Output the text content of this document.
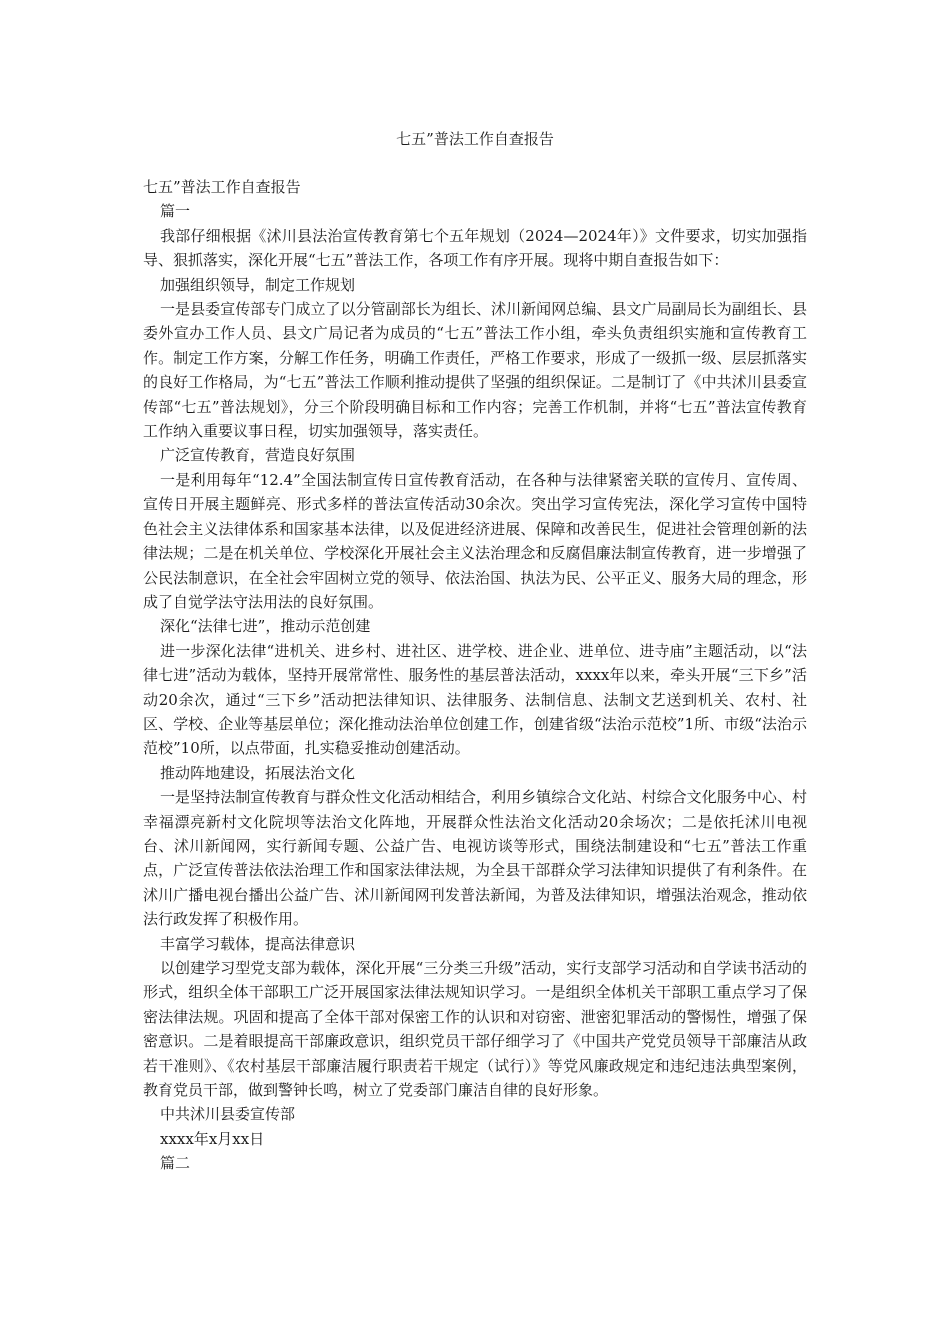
七五”普法工作自查报告

七五”普法工作自查报告

篇一

我部仔细根据《沭川县法治宣传教育第七个五年规划（2024—2024年）》文件要求，切实加强指导、狠抓落实，深化开展“七五”普法工作，各项工作有序开展。现将中期自查报告如下：

加强组织领导，制定工作规划

一是县委宣传部专门成立了以分管副部长为组长、沭川新闻网总编、县文广局副局长为副组长、县委外宣办工作人员、县文广局记者为成员的“七五”普法工作小组，牵头负责组织实施和宣传教育工作。制定工作方案，分解工作任务，明确工作责任，严格工作要求，形成了一级抓一级、层层抓落实的良好工作格局，为“七五”普法工作顺利推动提供了坚强的组织保证。二是制订了《中共沭川县委宣传部“七五”普法规划》，分三个阶段明确目标和工作内容；完善工作机制，并将“七五”普法宣传教育工作纳入重要议事日程，切实加强领导，落实责任。

广泛宣传教育，营造良好氛围

一是利用每年“12.4”全国法制宣传日宣传教育活动，在各种与法律紧密关联的宣传月、宣传周、宣传日开展主题鲜亮、形式多样的普法宣传活动30余次。突出学习宣传宪法，深化学习宣传中国特色社会主义法律体系和国家基本法律，以及促进经济进展、保障和改善民生，促进社会管理创新的法律法规；二是在机关单位、学校深化开展社会主义法治理念和反腐倡廉法制宣传教育，进一步增强了公民法制意识，在全社会牢固树立党的领导、依法治国、执法为民、公平正义、服务大局的理念，形成了自觉学法守法用法的良好氛围。

深化“法律七进”，推动示范创建

进一步深化法律“进机关、进乡村、进社区、进学校、进企业、进单位、进寺庙”主题活动，以“法律七进”活动为载体，坚持开展常常性、服务性的基层普法活动，xxxx年以来，牵头开展“三下乡”活动20余次，通过“三下乡”活动把法律知识、法律服务、法制信息、法制文艺送到机关、农村、社区、学校、企业等基层单位；深化推动法治单位创建工作，创建省级“法治示范校”1所、市级“法治示范校”10所，以点带面，扎实稳妥推动创建活动。

推动阵地建设，拓展法治文化

一是坚持法制宣传教育与群众性文化活动相结合，利用乡镇综合文化站、村综合文化服务中心、村幸福漂亮新村文化院坝等法治文化阵地，开展群众性法治文化活动20余场次；二是依托沭川电视台、沭川新闻网，实行新闻专题、公益广告、电视访谈等形式，围绕法制建设和“七五”普法工作重点，广泛宣传普法依法治理工作和国家法律法规，为全县干部群众学习法律知识提供了有利条件。在沭川广播电视台播出公益广告、沭川新闻网刊发普法新闻，为普及法律知识，增强法治观念，推动依法行政发挥了积极作用。

丰富学习载体，提高法律意识

以创建学习型党支部为载体，深化开展“三分类三升级”活动，实行支部学习活动和自学读书活动的形式，组织全体干部职工广泛开展国家法律法规知识学习。一是组织全体机关干部职工重点学习了保密法律法规。巩固和提高了全体干部对保密工作的认识和对窃密、泄密犯罪活动的警惕性，增强了保密意识。二是着眼提高干部廉政意识，组织党员干部仔细学习了《中国共产党党员领导干部廉洁从政若干准则》、《农村基层干部廉洁履行职责若干规定（试行）》等党风廉政规定和违纪违法典型案例，教育党员干部，做到警钟长鸣，树立了党委部门廉洁自律的良好形象。

中共沭川县委宣传部

xxxx年x月xx日

篇二
